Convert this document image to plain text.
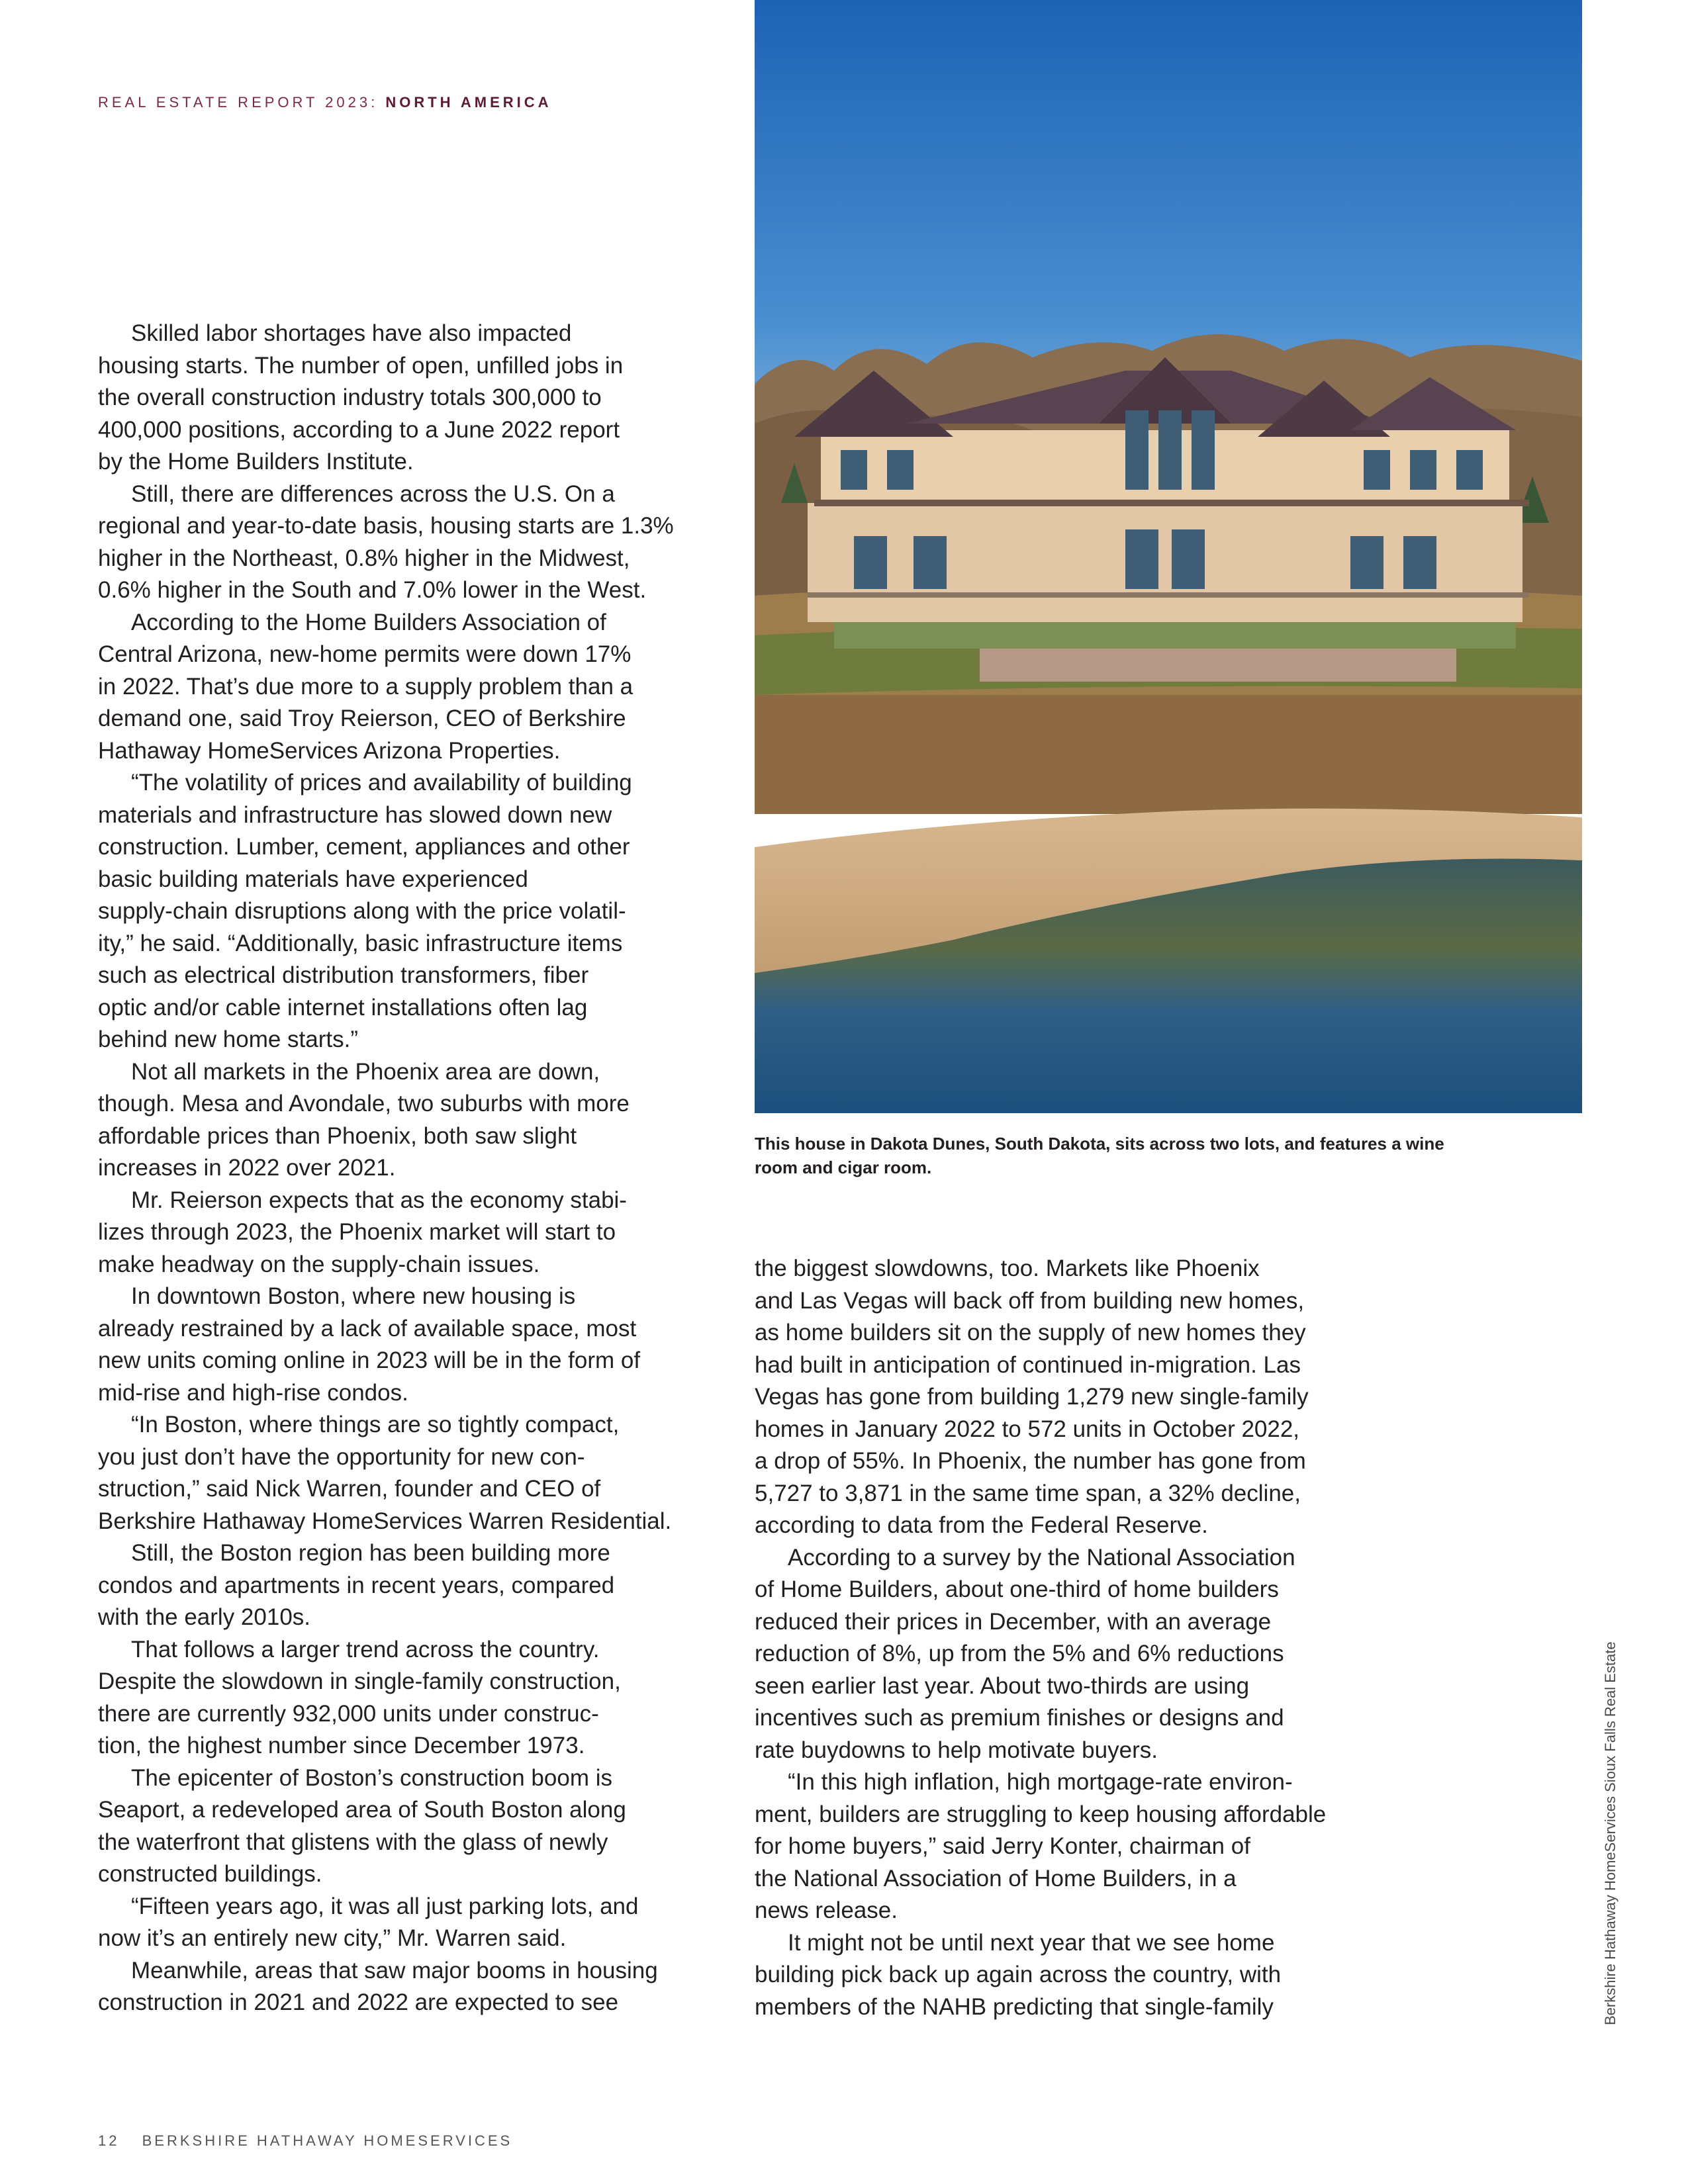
REAL ESTATE REPORT 2023: NORTH AMERICA
This house in Dakota Dunes, South Dakota, sits across two lots, and features a wine room and cigar room.

Skilled labor shortages have also impacted
housing starts. The number of open, unfilled jobs in
the overall construction industry totals 300,000 to
400,000 positions, according to a June 2022 report
by the Home Builders Institute.

Still, there are differences across the U.S. On a
regional and year-to-date basis, housing starts are 1.3%
higher in the Northeast, 0.8% higher in the Midwest,
0.6% higher in the South and 7.0% lower in the West.

According to the Home Builders Association of
Central Arizona, new-home permits were down 17%
in 2022. That’s due more to a supply problem than a
demand one, said Troy Reierson, CEO of Berkshire
Hathaway HomeServices Arizona Properties.

“The volatility of prices and availability of building
materials and infrastructure has slowed down new
construction. Lumber, cement, appliances and other
basic building materials have experienced
supply-chain disruptions along with the price volatil-
ity,” he said. “Additionally, basic infrastructure items
such as electrical distribution transformers, fiber
optic and/or cable internet installations often lag
behind new home starts.”

Not all markets in the Phoenix area are down,
though. Mesa and Avondale, two suburbs with more
affordable prices than Phoenix, both saw slight
increases in 2022 over 2021.

Mr. Reierson expects that as the economy stabi-
lizes through 2023, the Phoenix market will start to
make headway on the supply-chain issues.

In downtown Boston, where new housing is
already restrained by a lack of available space, most
new units coming online in 2023 will be in the form of
mid-rise and high-rise condos.

“In Boston, where things are so tightly compact,
you just don’t have the opportunity for new con-
struction,” said Nick Warren, founder and CEO of
Berkshire Hathaway HomeServices Warren Residential.

Still, the Boston region has been building more
condos and apartments in recent years, compared
with the early 2010s.

That follows a larger trend across the country.
Despite the slowdown in single-family construction,
there are currently 932,000 units under construc-
tion, the highest number since December 1973.

The epicenter of Boston’s construction boom is
Seaport, a redeveloped area of South Boston along
the waterfront that glistens with the glass of newly
constructed buildings.

“Fifteen years ago, it was all just parking lots, and
now it’s an entirely new city,” Mr. Warren said.

Meanwhile, areas that saw major booms in housing
construction in 2021 and 2022 are expected to see

the biggest slowdowns, too. Markets like Phoenix
and Las Vegas will back off from building new homes,
as home builders sit on the supply of new homes they
had built in anticipation of continued in-migration. Las
Vegas has gone from building 1,279 new single-family
homes in January 2022 to 572 units in October 2022,
a drop of 55%. In Phoenix, the number has gone from
5,727 to 3,871 in the same time span, a 32% decline,
according to data from the Federal Reserve.

According to a survey by the National Association
of Home Builders, about one-third of home builders
reduced their prices in December, with an average
reduction of 8%, up from the 5% and 6% reductions
seen earlier last year. About two-thirds are using
incentives such as premium finishes or designs and
rate buydowns to help motivate buyers.

“In this high inflation, high mortgage-rate environ-
ment, builders are struggling to keep housing affordable
for home buyers,” said Jerry Konter, chairman of
the National Association of Home Builders, in a
news release.

It might not be until next year that we see home
building pick back up again across the country, with
members of the NAHB predicting that single-family	Berkshire Hathaway HomeServices Sioux Falls Real Estate
12 BERKSHIRE HATHAWAY HOMESERVICES
